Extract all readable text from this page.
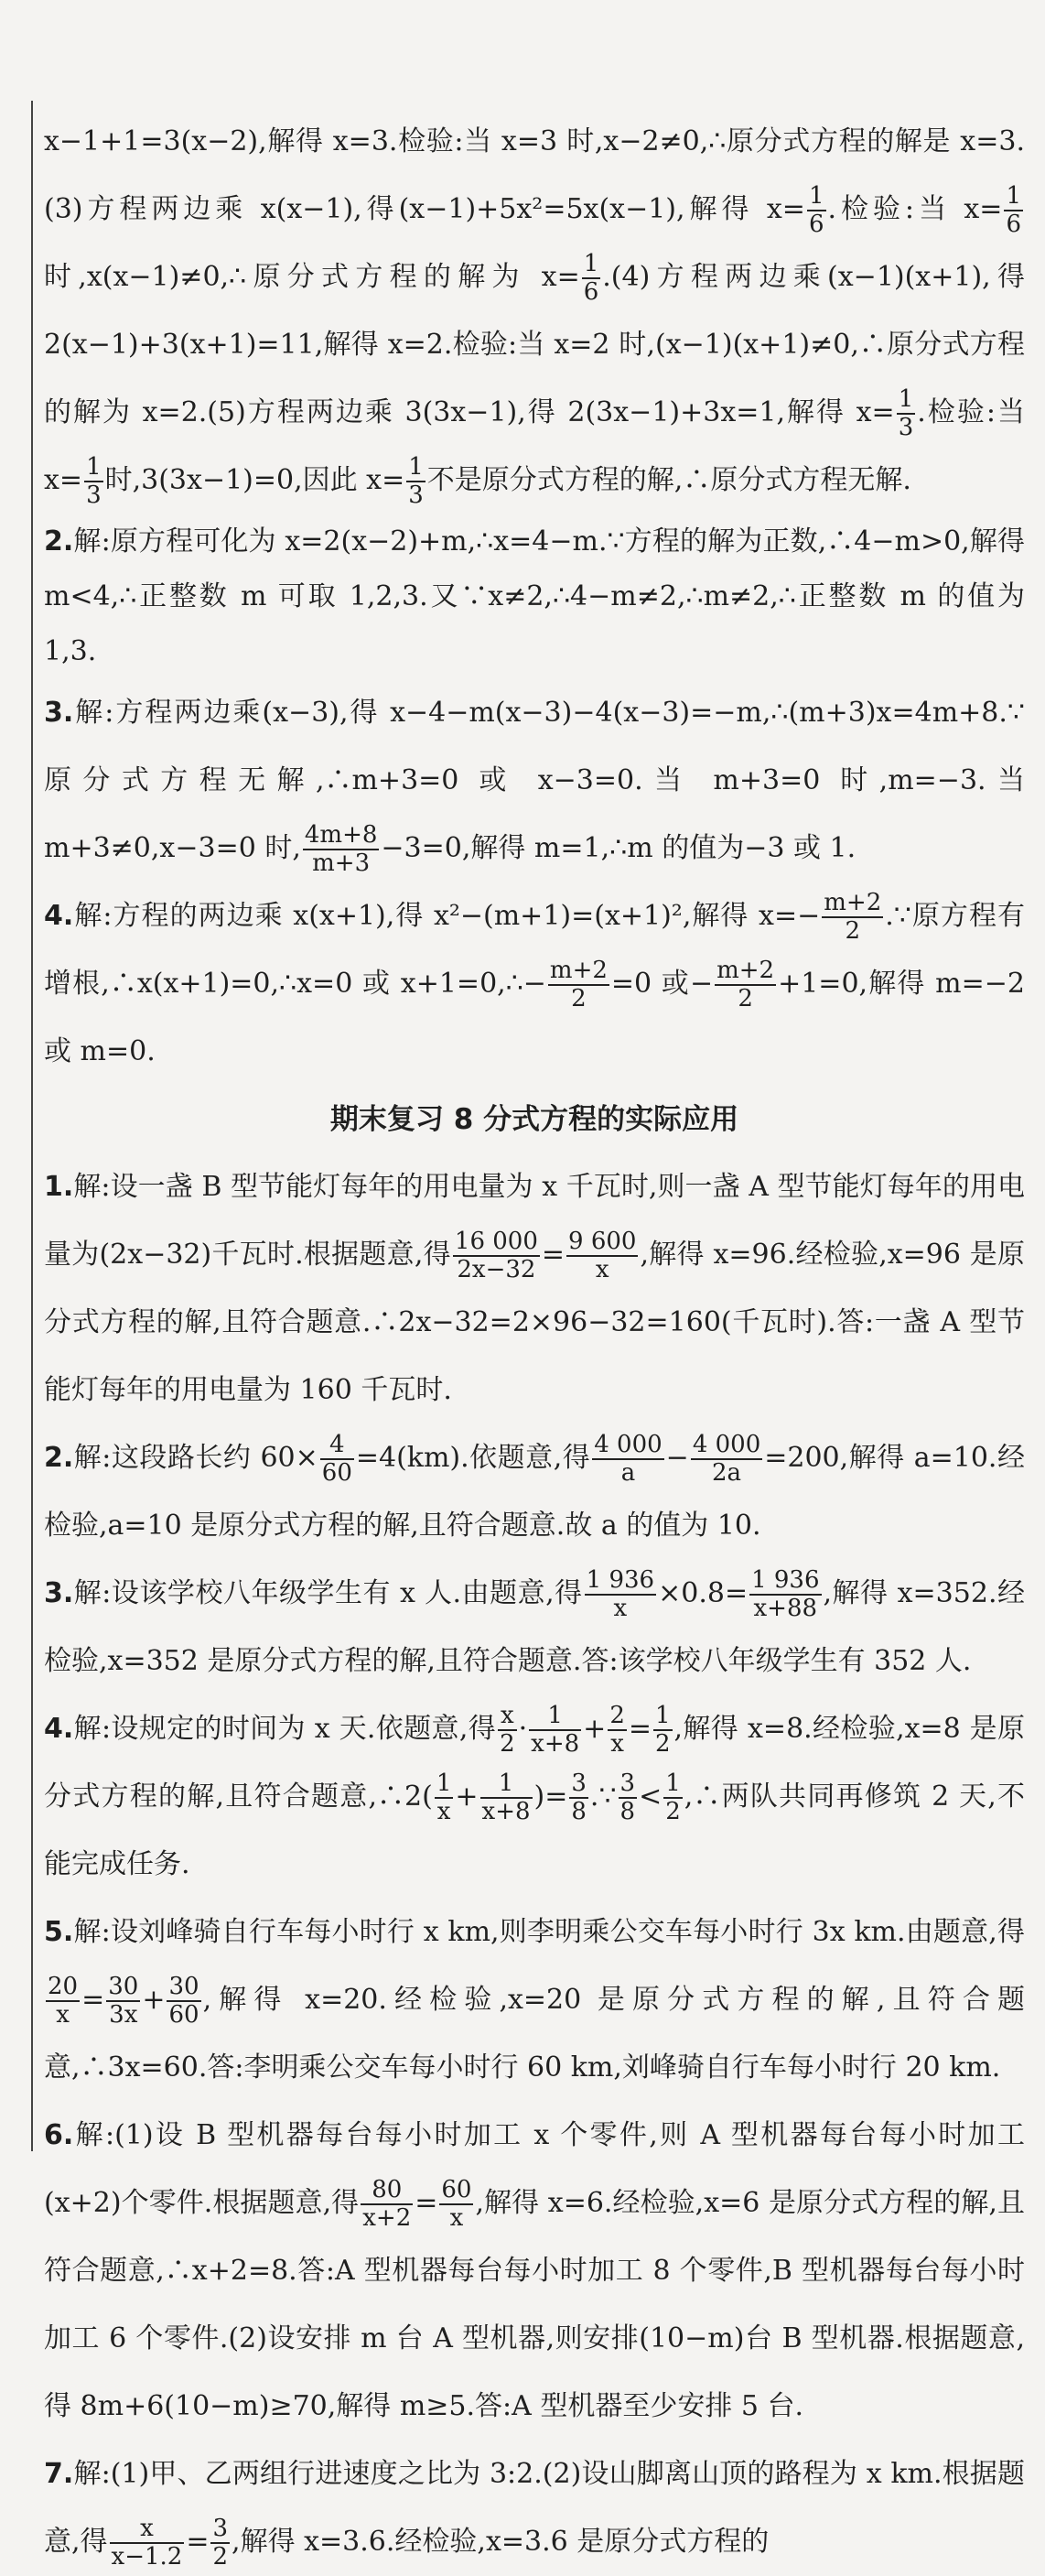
x−1+1=3(x−2),解得 x=3.检验:当 x=3 时,x−2≠0,∴原分式方程的解是 x=3.(3)方程两边乘 x(x−1),得(x−1)+5x²=5x(x−1),解得 $x= \frac{1}{6}$ .检验:当 $x= \frac{1}{6}$
时,x(x−1)≠0,∴原分式方程的解为 $x= \frac{1}{6} .(4)$方程两边乘(x−1)(x+1),得 2(x−1)+3(x+1)=11,解得 x=2.检验:当 x=2 时,(x−1)(x+1)≠0,∴原分式方程的解为 x=2.(5)方程两边乘 3(3x−1),得 2(3x−1)+3x=1,解得 $x= \frac{1}{3}$ .检验:当 $x= \frac{1}{3}$ 时,3(3x−1)=0,因此 $x= \frac{1}{3}$ 不是原分式方程的解,∴原分式方程无解.
2.解:原方程可化为 x=2(x−2)+m,∴x=4−m.∵方程的解为正数,∴4−m>0,解得 m<4,∴正整数 m 可取 1,2,3.又∵x≠2,∴4−m≠2,∴m≠2,∴正整数 m 的值为 1,3.
3.解:方程两边乘(x−3),得 x−4−m(x−3)−4(x−3)=−m,∴(m+3)x=4m+8.∵原分式方程无解,∴m+3=0 或 x−3=0.当 m+3=0 时,m=−3.当 m+3≠0,x−3=0 时, $\frac{4m+8}{m+3} -3=0$,解得 m=1,∴m 的值为−3 或 1.
4.解:方程的两边乘 x(x+1),得 x²−(m+1)=(x+1)²,解得 $x=- \frac{m+2}{2}$ .∵原方程有增根,∴x(x+1)=0,∴x=0 或 x+1=0,∴− $\frac{m+2}{2} =0$ 或− $\frac{m+2}{2} +1=0$,解得 m=−2 或 m=0.
期末复习 8 分式方程的实际应用
1.解:设一盏 B 型节能灯每年的用电量为 x 千瓦时,则一盏 A 型节能灯每年的用电量为(2x−32)千瓦时.根据题意,得 $\frac{16 000}{2x-32} = \frac{9 600}{x}$ ,解得 x=96.经检验,x=96 是原分式方程的解,且符合题意.∴2x−32=2×96−32=160(千瓦时).答:一盏 A 型节能灯每年的用电量为 160 千瓦时.
2.解:这段路长约 $60\times \frac{4}{60} =4(km)$.依题意,得 $\frac{4 000}{a} - \frac{4 000}{2a} =200$,解得 a=10.经检验,a=10 是原分式方程的解,且符合题意.故 a 的值为 10.
3.解:设该学校八年级学生有 x 人.由题意,得 $\frac{1 936}{x} \times 0.8= \frac{1 936}{x+88}$ ,解得 x=352.经检验,x=352 是原分式方程的解,且符合题意.答:该学校八年级学生有 352 人.
4.解:设规定的时间为 x 天.依题意,得 $\frac{x}{2} \cdot \frac{1}{x+8} + \frac{2}{x} = \frac{1}{2}$ ,解得 x=8.经检验,x=8 是原分式方程的解,且符合题意,∴2( $\frac{1}{x} + \frac{1}{x+8}$ )= $\frac{3}{8}$ .∵ $\frac{3}{8} < \frac{1}{2}$ ,∴两队共同再修筑 2 天,不能完成任务.
5.解:设刘峰骑自行车每小时行 x km,则李明乘公交车每小时行 3x km.由题意,得
$\frac{20}{x} = \frac{30}{3x} + \frac{30}{60}$ ,解得 x=20.经检验,x=20 是原分式方程的解,且符合题意,∴3x=60.答:李明乘公交车每小时行 60 km,刘峰骑自行车每小时行 20 km.
6.解:(1)设 B 型机器每台每小时加工 x 个零件,则 A 型机器每台每小时加工(x+2)个零件.根据题意,得 $\frac{80}{x+2} = \frac{60}{x}$ ,解得 x=6.经检验,x=6 是原分式方程的解,且符合题意,∴x+2=8.答:A 型机器每台每小时加工 8 个零件,B 型机器每台每小时加工 6 个零件.(2)设安排 m 台 A 型机器,则安排(10−m)台 B 型机器.根据题意,得 8m+6(10−m)≥70,解得 m≥5.答:A 型机器至少安排 5 台.
7.解:(1)甲、乙两组行进速度之比为 3:2.(2)设山脚离山顶的路程为 x km.根据题意,得 $\frac{x}{x-1.2} = \frac{3}{2}$ ,解得 x=3.6.经检验,x=3.6 是原分式方程的
